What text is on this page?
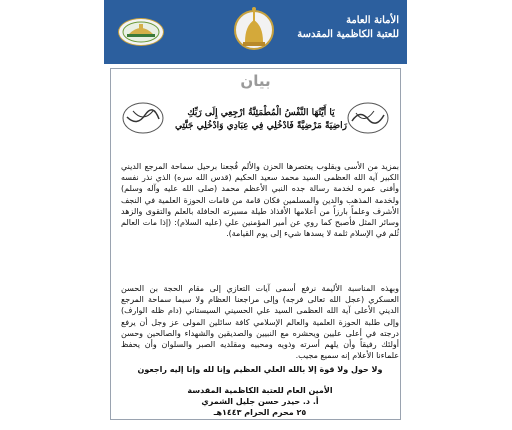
الأمانة العامة
للعتبة الكاظمية المقدسة
بيان
يَا أَيَّتُهَا النَّفْسُ الْمُطْمَئِنَّةُ ارْجِعِي إِلَى رَبِّكِ
رَاضِيَةً مَرْضِيَّةً فَادْخُلِي فِي عِبَادِي وَادْخُلِي جَنَّتِي
بمزيد من الأسى وبقلوب يعتصرها الحزن والألم فُجعنا برحيل سماحة المرجع الديني الكبير آية الله العظمى السيد محمد سعيد الحكيم (قدس الله سره) الذي نذر نفسه وأفنى عمره لخدمة رسالة جده النبي الأعظم محمد (صلى الله عليه وآله وسلم) ولخدمة المذهب والدين والمسلمين فكان قامة من قامات الحوزة العلمية في النجف الأشرف وعلماً بارزاً من أعلامها الأفذاذ طيلة مسيرته الحافلة بالعلم والتقوى والزهد وسائر المثل فأصبح كما روي عن أمير المؤمنين علي (عليه السلام): (إذا مات العالم ثُلم في الإسلام ثلمة لا يسدها شيء إلى يوم القيامة).
وبهذه المناسبة الأليمة نرفع أسمى آيات التعازي إلى مقام الحجة بن الحسن العسكري (عجل الله تعالى فرجه) وإلى مراجعنا العظام ولا سيما سماحة المرجع الديني الأعلى آية الله العظمى السيد علي الحسيني السيستاني (دام ظله الوارف) وإلى طلبة الحوزة العلمية والعالم الإسلامي كافة سائلين المولى عز وجل أن يرفع درجته في أعلى عليين ويحشره مع النبيين والصديقين والشهداء والصالحين وحسن أولئك رفيقاً وأن يلهم أسرته وذويه ومحبيه ومقلديه الصبر والسلوان وأن يحفظ علماءنا الأعلام إنه سميع مجيب.
ولا حول ولا قوة إلا بالله العلي العظيم وإنا لله وإنا إليه راجعون
الأمين العام للعتبة الكاظمية المقدسة
أ. د. حيدر حسن جليل الشمري
٢٥ محرم الحرام ١٤٤٣هـ
